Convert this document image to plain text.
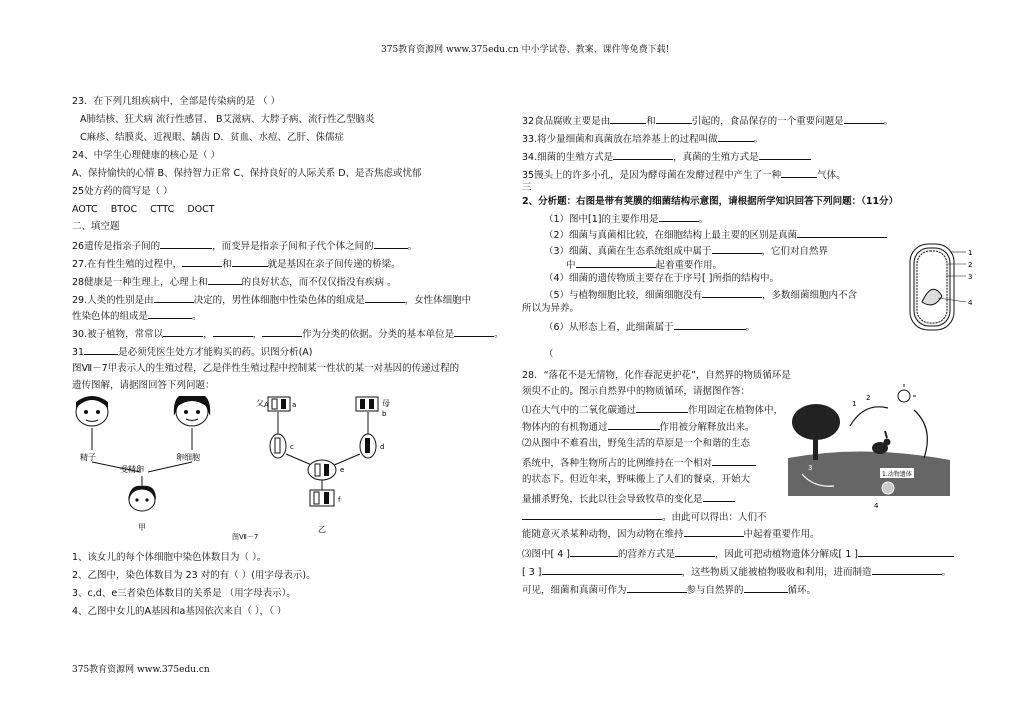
375教育资源网 www.375edu.cn 中小学试卷、教案、课件等免费下载!
23．在下列几组疾病中，全部是传染病的是 （ ）
A肺结核、狂犬病 流行性感冒、 B艾滋病、大脖子病、流行性乙型脑炎
C麻疹、结膜炎、近视眼、龋齿 D．贫血、水痘、乙肝、侏儒症
24、中学生心理健康的核心是（ ）
A、保持愉快的心情 B、保持智力正常 C、保持良好的人际关系 D、是否焦虑或忧郁
25处方药的简写是（ ）
AOTC BTOC CTTC DOCT
二、填空题
26遗传是指亲子间的	，而变异是指亲子间和子代个体之间的	。
27.在有性生殖的过程中，	和	就是基因在亲子间传递的桥梁。
28健康是一种生理上，心理上和	的良好状态，而不仅仅指没有疾病 。
29.人类的性别是由	决定的，男性体细胞中性染色体的组成是	，女性体细胞中
性染色体的组成是	。
30.被子植物，常常以	，	，	作为分类的依据。分类的基本单位是	。
31	是必须凭医生处方才能购买的药。识图分析(A)
图Ⅶ－7甲表示人的生殖过程，乙是伴性生殖过程中控制某一性状的某一对基因的传递过程的
遗传图解，请据图回答下列问题：
精子	卵细胞
受精卵
甲
父	a
A	母
b
c	d
e
f
乙
图Ⅶ－7
1、该女儿的每个体细胞中染色体数目为（ ）。
2、乙图中，染色体数目为 23 对的有（ ）(用字母表示)。
3、c,d、e三者染色体数目的关系是 （用字母表示）。
4、乙图中女儿的A基因和a基因依次来自（ ），（ ）
375教育资源网 www.375edu.cn
32食品腐败主要是由	和	引起的，食品保存的一个重要问题是	。
33.将少量细菌和真菌放在培养基上的过程叫做	。
34.细菌的生殖方式是	，真菌的生殖方式是
35馒头上的许多小孔，是因为酵母菌在发酵过程中产生了一种	气体。
三
2、分析题：右图是带有荚膜的细菌结构示意图，请根据所学知识回答下列问题：（11分）
（1）图中[1]的主要作用是	。
（2）细菌与真菌相比较，在细胞结构上最主要的区别是真菌
（3）细菌、真菌在生态系统组成中属于	，它们对自然界
中	起着重要作用。
（4）细菌的遗传物质主要存在于序号[ ]所指的结构中。
（5）与植物细胞比较，细菌细胞没有	，多数细菌细胞内不含
所以为异养。
（6）从形态上看，此细菌属于	。
（
1
2
3
4
28．“落花不是无情物，化作春泥更护花”，自然界的物质循环是
须臾不止的。图示自然界中的物质循环，请据图作答：
⑴在大气中的二氧化碳通过	作用固定在植物体中，
物体内的有机物通过	作用被分解释放出来。
⑵从图中不难看出，野兔生活的草原是一个和谐的生态
系统中，各种生物所占的比例维持在一个相对
的状态下。但近年来，野味搬上了人们的餐桌，开始大
量捕杀野兔，长此以往会导致牧草的变化是
。由此可以得出：人们不
能随意灭杀某种动物，因为动物在维持	中起着重要作用。
⑶图中[ 4 ]	的营养方式是	，因此可把动植物遗体分解成[ 1 ]
[ 3 ]	，这些物质又能被植物吸收和利用，进而制造	。
可见，细菌和真菌可作为	参与自然界的	循环。
1.动物遗体
1
2
3
4
